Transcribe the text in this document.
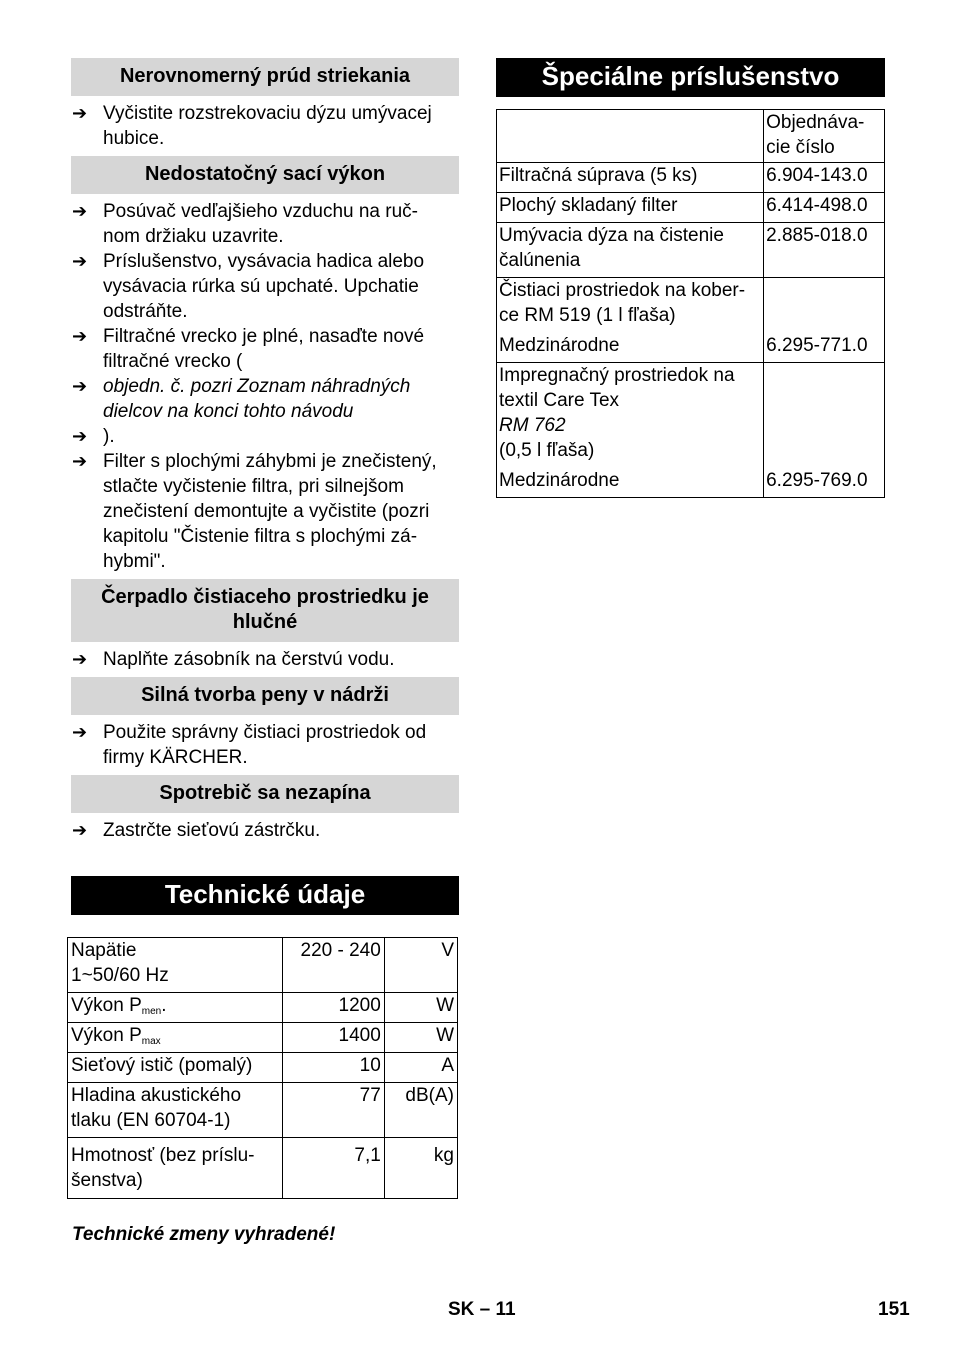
Nerovnomerný prúd striekania
➔ Vyčistite rozstrekovaciu dýzu umývacej hubice.
Nedostatočný sací výkon
➔ Posúvač vedľajšieho vzduchu na ruč- nom držiaku uzavrite.
➔ Príslušenstvo, vysávacia hadica alebo vysávacia rúrka sú upchaté. Upchatie odstráňte.
➔ Filtračné vrecko je plné, nasaďte nové filtračné vrecko (
➔ objedn. č. pozri Zoznam náhradných dielcov na konci tohto návodu
➔ ).
➔ Filter s plochými záhybmi je znečistený, stlačte vyčistenie filtra, pri silnejšom znečistení demontujte a vyčistite (pozri kapitolu "Čistenie filtra s plochými zá- hybmi".
Čerpadlo čistiaceho prostriedku je hlučné
➔ Naplňte zásobník na čerstvú vodu.
Silná tvorba peny v nádrži
➔ Použite správny čistiaci prostriedok od firmy KÄRCHER.
Spotrebič sa nezapína
➔ Zastrčte sieťovú zástrčku.
Technické údaje
Napätie
1~50/60 Hz	220 - 240	V
Výkon $P_{men}$.	1200	W
Výkon $P_{max}$	1400	W
Sieťový istič (pomalý)	10	A
Hladina akustického tlaku (EN 60704-1)	77	dB(A)
Hmotnosť (bez príslu- šenstva)	7,1	kg
Technické zmeny vyhradené!
Špeciálne príslušenstvo
	Objednáva- cie číslo
Filtračná súprava (5 ks)	6.904-143.0
Plochý skladaný filter	6.414-498.0
Umývacia dýza na čistenie čalúnenia	2.885-018.0
Čistiaci prostriedok na kober- ce RM 519 (1 l fľaša)
Medzinárodne	6.295-771.0
Impregnačný prostriedok na textil Care Tex
RM 762
(0,5 l fľaša)
Medzinárodne	6.295-769.0
SK – 11	151
